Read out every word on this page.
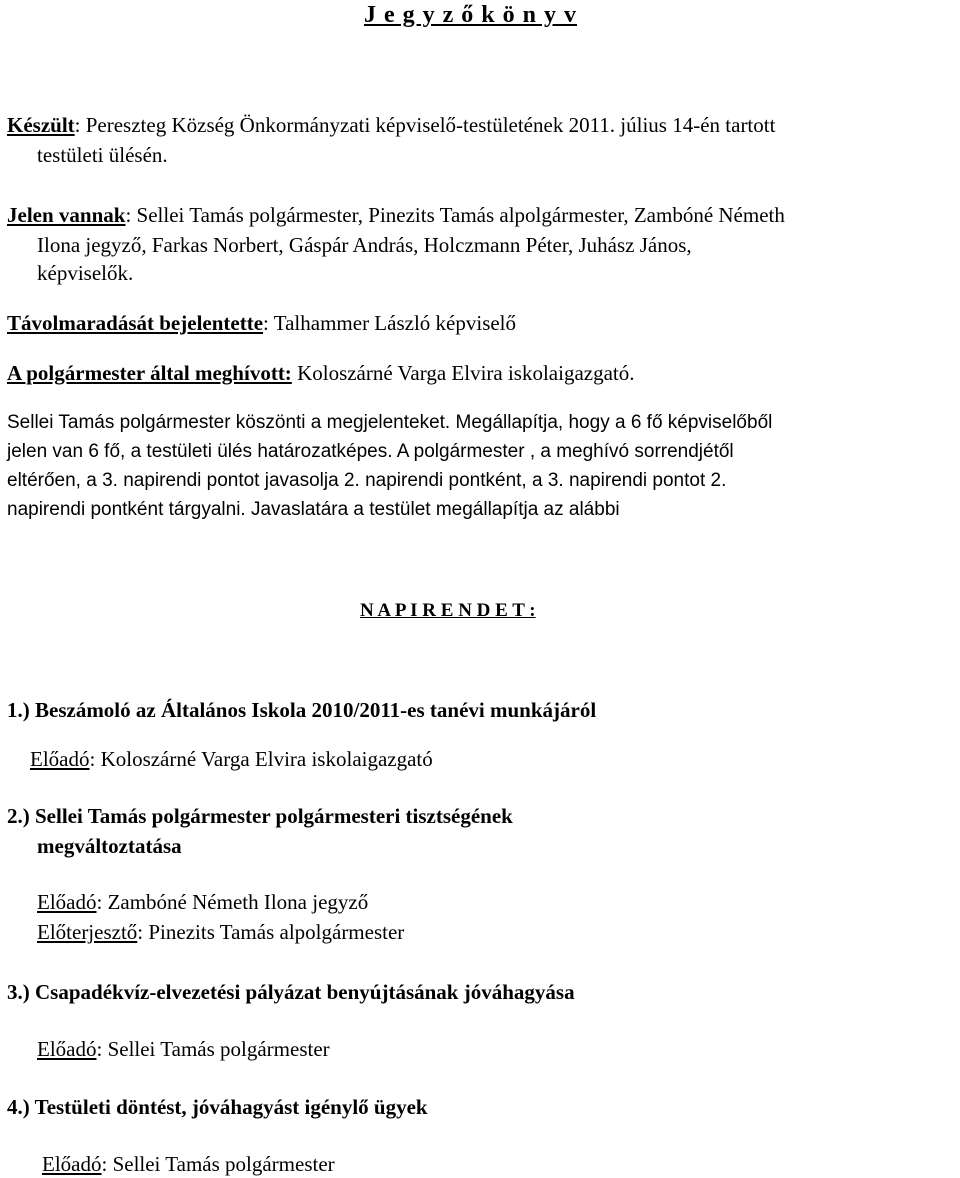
J e g y z ő k ö n y v
Készült: Pereszteg Község Önkormányzati képviselő-testületének 2011. július 14-én tartott
testületi ülésén.
Jelen vannak: Sellei Tamás polgármester, Pinezits Tamás alpolgármester, Zambóné Németh
Ilona jegyző, Farkas Norbert, Gáspár András, Holczmann Péter, Juhász János,
képviselők.
Távolmaradását bejelentette: Talhammer László képviselő
A polgármester által meghívott: Koloszárné Varga Elvira iskolaigazgató.
Sellei Tamás polgármester köszönti a megjelenteket. Megállapítja, hogy a 6 fő képviselőből
jelen van 6 fő, a testületi ülés határozatképes. A polgármester , a meghívó sorrendjétől
eltérően, a 3. napirendi pontot javasolja 2. napirendi pontként, a 3. napirendi pontot 2.
napirendi pontként tárgyalni. Javaslatára a testület megállapítja az alábbi
N A P I R E N D E T :
1.) Beszámoló az Általános Iskola 2010/2011-es tanévi munkájáról
Előadó: Koloszárné Varga Elvira iskolaigazgató
2.) Sellei Tamás polgármester polgármesteri tisztségének
megváltoztatása
Előadó: Zambóné Németh Ilona jegyző
Előterjesztő: Pinezits Tamás alpolgármester
3.) Csapadékvíz-elvezetési pályázat benyújtásának jóváhagyása
Előadó: Sellei Tamás polgármester
4.) Testületi döntést, jóváhagyást igénylő ügyek
Előadó: Sellei Tamás polgármester
